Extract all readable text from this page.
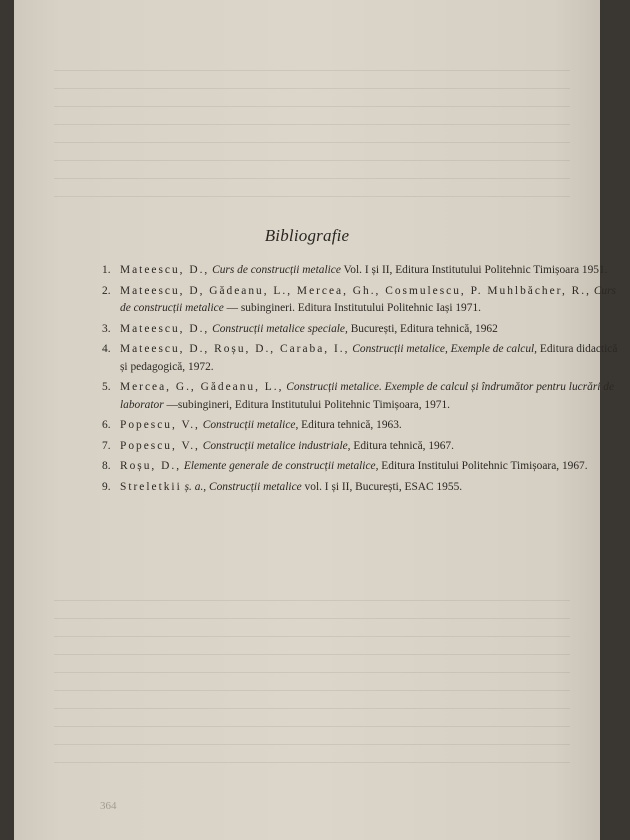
Bibliografie
1. Mateescu, D., Curs de construcții metalice Vol. I și II, Editura Institutului Politehnic Timișoara 1951.
2. Mateescu, D, Gădeanu, L., Mercea, Gh., Cosmulescu, P. Muhlbăcher, R., Curs de construcții metalice — subingineri. Editura Institutului Politehnic Iași 1971.
3. Mateescu, D., Construcții metalice speciale, București, Editura tehnică, 1962
4. Mateescu, D., Roșu, D., Caraba, I., Construcții metalice, Exemple de calcul, Editura didactică și pedagogică, 1972.
5. Mercea, G., Gădeanu, L., Construcții metalice. Exemple de calcul și îndrumător pentru lucrări de laborator —subingineri, Editura Institutului Politehnic Timișoara, 1971.
6. Popescu, V., Construcții metalice, Editura tehnică, 1963.
7. Popescu, V., Construcții metalice industriale, Editura tehnică, 1967.
8. Roșu, D., Elemente generale de construcții metalice, Editura Institului Politehnic Timișoara, 1967.
9. Streletkii ș. a., Construcții metalice vol. I și II, București, ESAC 1955.
364
